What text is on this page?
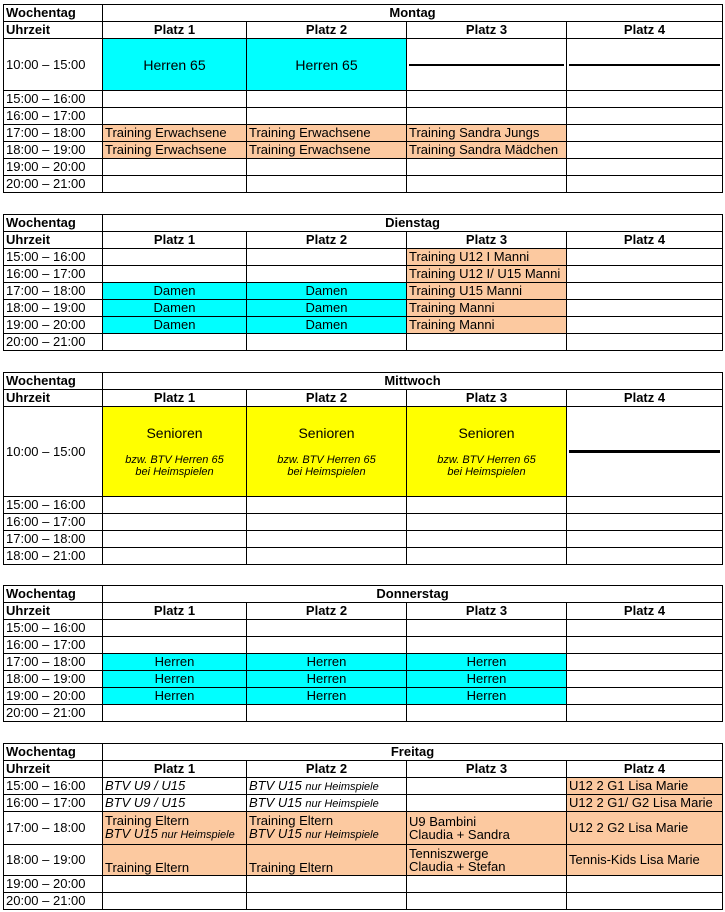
Wochentag	Montag			
Uhrzeit	Platz 1	Platz 2	Platz 3	Platz 4
10:00 – 15:00	Herren 65	Herren 65	

15:00 – 16:00				
16:00 – 17:00				
17:00 – 18:00	Training Erwachsene	Training Erwachsene	Training Sandra Jungs	
18:00 – 19:00	Training Erwachsene	Training Erwachsene	Training Sandra Mädchen	
19:00 – 20:00				
20:00 – 21:00				
Wochentag	Dienstag			
Uhrzeit	Platz 1	Platz 2	Platz 3	Platz 4
15:00 – 16:00			Training U12 I Manni	
16:00 – 17:00			Training U12 I/ U15 Manni	
17:00 – 18:00	Damen	Damen	Training U15 Manni	
18:00 – 19:00	Damen	Damen	Training Manni	
19:00 – 20:00	Damen	Damen	Training Manni	
20:00 – 21:00				
Wochentag	Mittwoch			
Uhrzeit	Platz 1	Platz 2	Platz 3	Platz 4
10:00 – 15:00	Senioren
bzw. BTV Herren 65
bei Heimspielen	Senioren
bzw. BTV Herren 65
bei Heimspielen	Senioren
bzw. BTV Herren 65
bei Heimspielen	

15:00 – 16:00				
16:00 – 17:00				
17:00 – 18:00				
18:00 – 21:00				
Wochentag	Donnerstag			
Uhrzeit	Platz 1	Platz 2	Platz 3	Platz 4
15:00 – 16:00				
16:00 – 17:00				
17:00 – 18:00	Herren	Herren	Herren	
18:00 – 19:00	Herren	Herren	Herren	
19:00 – 20:00	Herren	Herren	Herren	
20:00 – 21:00				
Wochentag	Freitag			
Uhrzeit	Platz 1	Platz 2	Platz 3	Platz 4
15:00 – 16:00	BTV U9 / U15	BTV U15 nur Heimspiele		U12 2 G1 Lisa Marie
16:00 – 17:00	BTV U9 / U15	BTV U15 nur Heimspiele		U12 2 G1/ G2 Lisa Marie
17:00 – 18:00	Training Eltern
BTV U15 nur Heimspiele	Training Eltern
BTV U15 nur Heimspiele	U9 Bambini
Claudia + Sandra	U12 2 G2 Lisa Marie
18:00 – 19:00	Training Eltern	Training Eltern	Tenniszwerge
Claudia + Stefan	Tennis-Kids Lisa Marie
19:00 – 20:00				
20:00 – 21:00				
